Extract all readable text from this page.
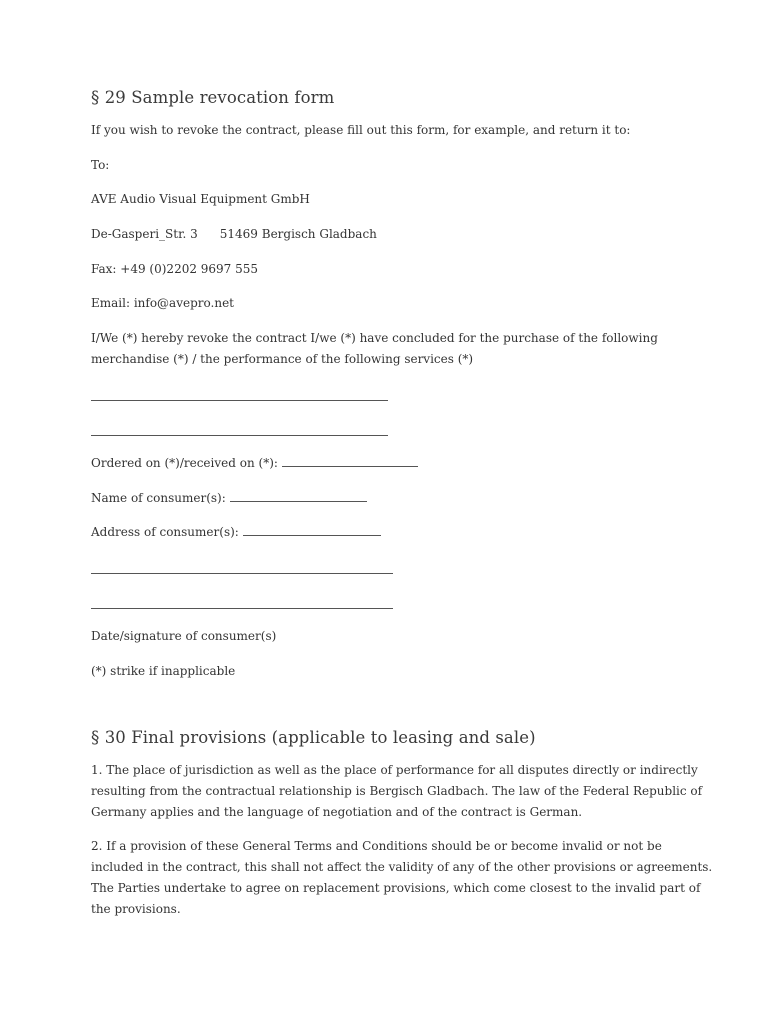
§ 29 Sample revocation form
If you wish to revoke the contract, please fill out this form, for example, and return it to:
To:
AVE Audio Visual Equipment GmbH
De-Gasperi_Str. 3 51469 Bergisch Gladbach
Fax: +49 (0)2202 9697 555
Email: info@avepro.net
I/We (*) hereby revoke the contract I/we (*) have concluded for the purchase of the following
merchandise (*) / the performance of the following services (*)
Ordered on (*)/received on (*):
Name of consumer(s):
Address of consumer(s):
Date/signature of consumer(s)
(*) strike if inapplicable
§ 30 Final provisions (applicable to leasing and sale)
1. The place of jurisdiction as well as the place of performance for all disputes directly or indirectly
resulting from the contractual relationship is Bergisch Gladbach. The law of the Federal Republic of
Germany applies and the language of negotiation and of the contract is German.
2. If a provision of these General Terms and Conditions should be or become invalid or not be
included in the contract, this shall not affect the validity of any of the other provisions or agreements.
The Parties undertake to agree on replacement provisions, which come closest to the invalid part of
the provisions.
